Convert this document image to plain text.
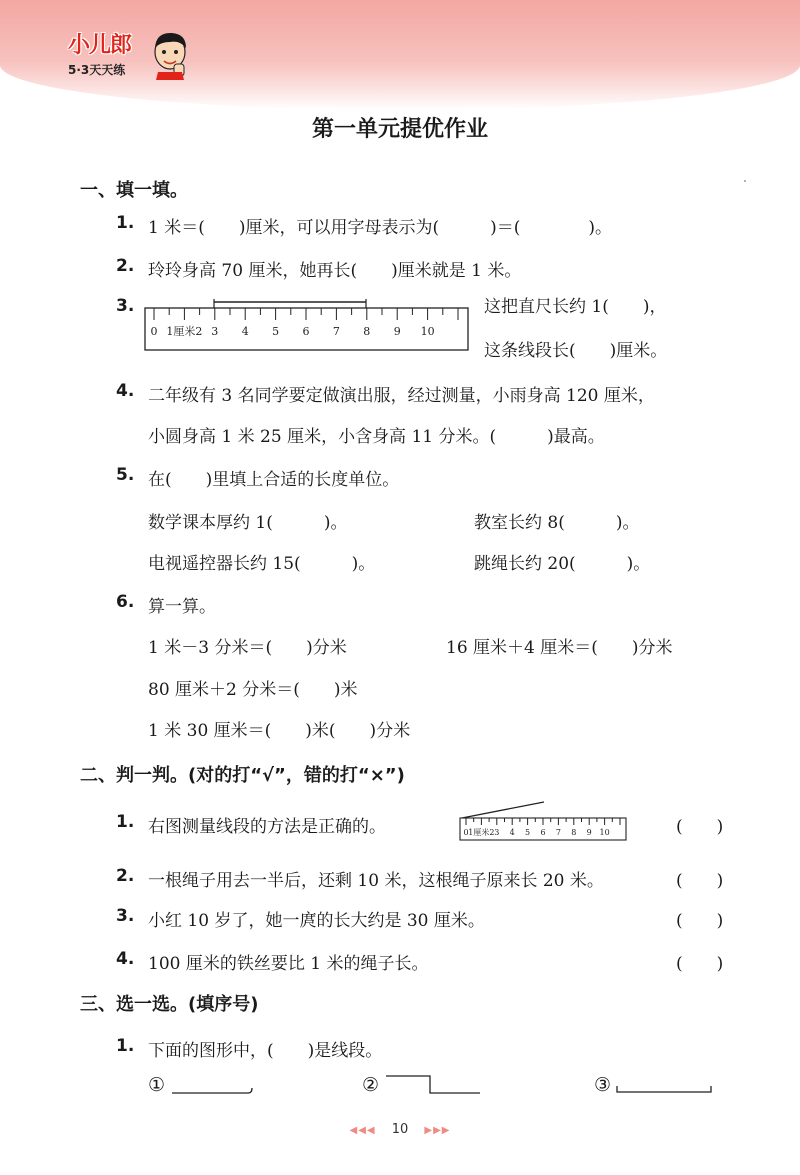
小儿郎
5·3天天练
第一单元提优作业
一、填一填。
1. 1 米＝(　　)厘米，可以用字母表示为(　　　)＝(　　　　)。
2. 玲玲身高 70 厘米，她再长(　　)厘米就是 1 米。
3.
0 1厘米2 3 4 5 6 7 8 9 10
这把直尺长约 1(　　)，
这条线段长(　　)厘米。
4. 二年级有 3 名同学要定做演出服，经过测量，小雨身高 120 厘米，
小圆身高 1 米 25 厘米，小含身高 11 分米。(　　　)最高。
5. 在(　　)里填上合适的长度单位。
数学课本厚约 1(　　　)。	教室长约 8(　　　)。
电视遥控器长约 15(　　　)。	跳绳长约 20(　　　)。
6. 算一算。
1 米－3 分米＝(　　)分米	16 厘米＋4 厘米＝(　　)分米
80 厘米＋2 分米＝(　　)米
1 米 30 厘米＝(　　)米(　　)分米
二、判一判。(对的打“√”，错的打“×”)
1. 右图测量线段的方法是正确的。	0 1厘米2 3 4 5 6 7 8 9 10	(　　)
2. 一根绳子用去一半后，还剩 10 米，这根绳子原来长 20 米。	(　　)
3. 小红 10 岁了，她一庹的长大约是 30 厘米。	(　　)
4. 100 厘米的铁丝要比 1 米的绳子长。	(　　)
三、选一选。(填序号)
1. 下面的图形中，(　　)是线段。
①	②	③
◀◀◀ 10 ▶▶▶
